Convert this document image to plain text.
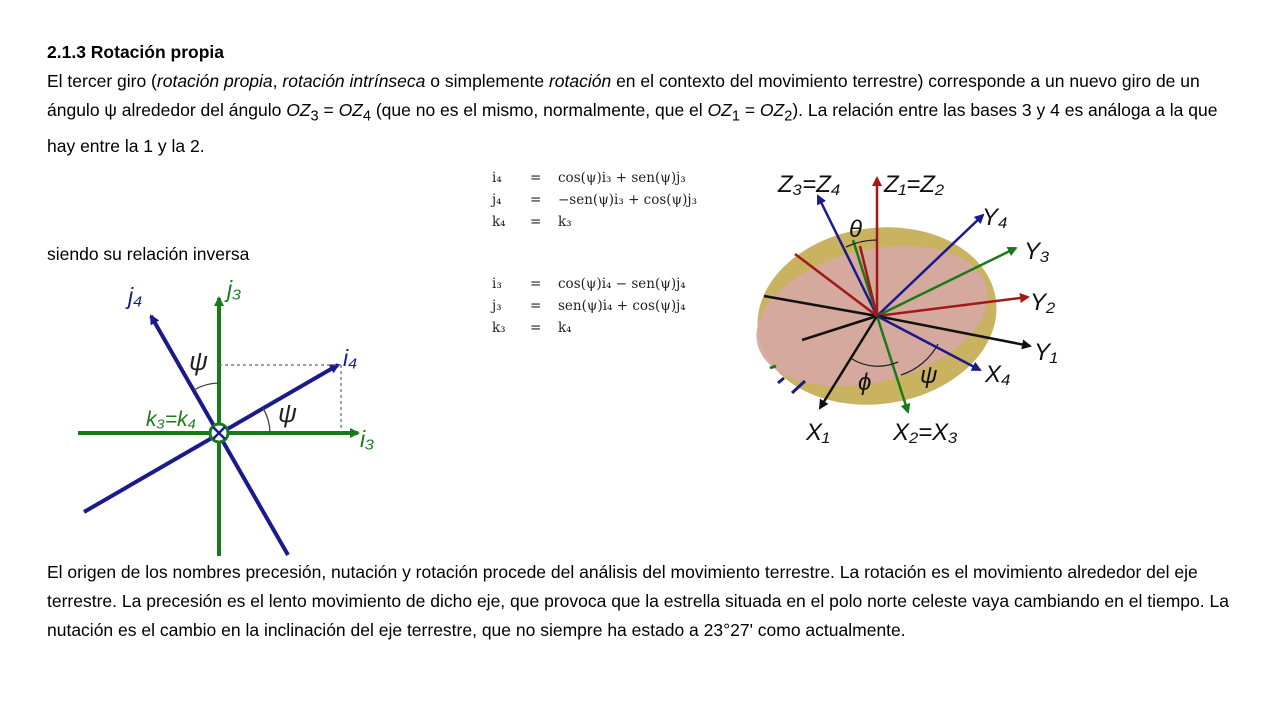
2.1.3 Rotación propia
El tercer giro (rotación propia, rotación intrínseca o simplemente rotación en el contexto del movimiento terrestre) corresponde a un nuevo giro de un ángulo ψ alrededor del ángulo $OZ_3 = OZ_4$ (que no es el mismo, normalmente, que el $OZ_1 = OZ_2$). La relación entre las bases 3 y 4 es análoga a la que hay entre la 1 y la 2.
i₄ = cos(ψ)i₃ + sen(ψ)j₃
j₄ = −sen(ψ)i₃ + cos(ψ)j₃
k₄ = k₃
siendo su relación inversa
i₃ = cos(ψ)i₄ − sen(ψ)j₄
j₃ = sen(ψ)i₄ + cos(ψ)j₄
k₃ = k₄
j₄	j₃
i₄
i₃
k₃=k₄
ψ
ψ
Z₃=Z₄ Z₁=Z₂
θ	Y₄
Y₃
Y₂
Y₁
X₄
ϕ ψ
X₁	X₂=X₃
El origen de los nombres precesión, nutación y rotación procede del análisis del movimiento terrestre. La rotación es el movimiento alrededor del eje terrestre. La precesión es el lento movimiento de dicho eje, que provoca que la estrella situada en el polo norte celeste vaya cambiando en el tiempo. La nutación es el cambio en la inclinación del eje terrestre, que no siempre ha estado a 23°27' como actualmente.
